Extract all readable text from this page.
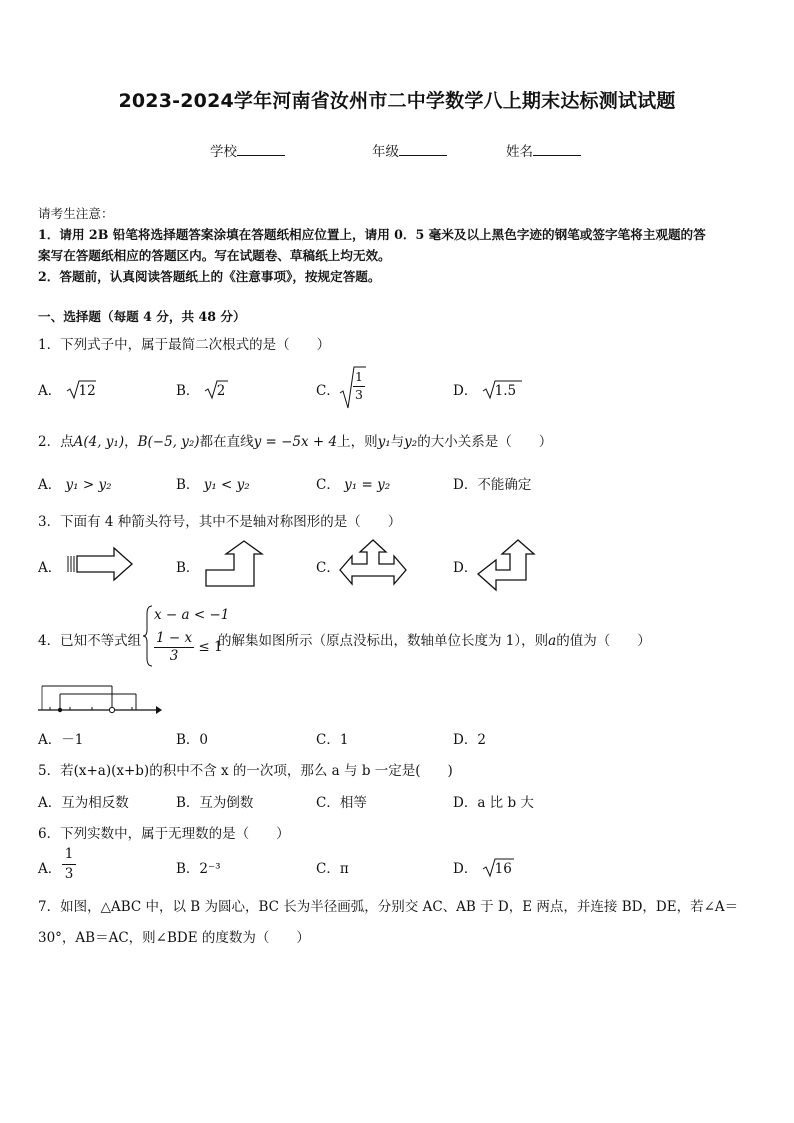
2023-2024学年河南省汝州市二中学数学八上期末达标测试试题
学校	年级	姓名
请考生注意：
1．请用 2B 铅笔将选择题答案涂填在答题纸相应位置上，请用 0．5 毫米及以上黑色字迹的钢笔或签字笔将主观题的答
案写在答题纸相应的答题区内。写在试题卷、草稿纸上均无效。
2．答题前，认真阅读答题纸上的《注意事项》，按规定答题。
一、选择题（每题 4 分，共 48 分）
1．下列式子中，属于最简二次根式的是（　　）
A． 12	B． 2	C． $\frac{1}{3}$	D． 1.5
2．点A(4, y₁)，B(−5, y₂)都在直线y = −5x + 4上，则y₁与y₂的大小关系是（　　）
A． y₁ > y₂	B． y₁ < y₂	C． y₁ = y₂	D．不能确定
3．下面有 4 种箭头符号，其中不是轴对称图形的是（　　）
A．	B．	C．	D．
4．已知不等式组
x − a < −1
$\frac{1 - x}{3} \le 1$
的解集如图所示（原点没标出，数轴单位长度为 1），则a的值为（　　）
A．－1	B．0	C．1	D．2
5．若(x+a)(x+b)的积中不含 x 的一次项，那么 a 与 b 一定是(　　)
A．互为相反数	B．互为倒数	C．相等	D．a 比 b 大
6．下列实数中，属于无理数的是（　　）
A． $\frac{1}{3}$	B．2⁻³	C．π	D． 16
7．如图，△ABC 中，以 B 为圆心，BC 长为半径画弧，分别交 AC、AB 于 D，E 两点，并连接 BD，DE，若∠A＝
30°，AB＝AC，则∠BDE 的度数为（　　）
